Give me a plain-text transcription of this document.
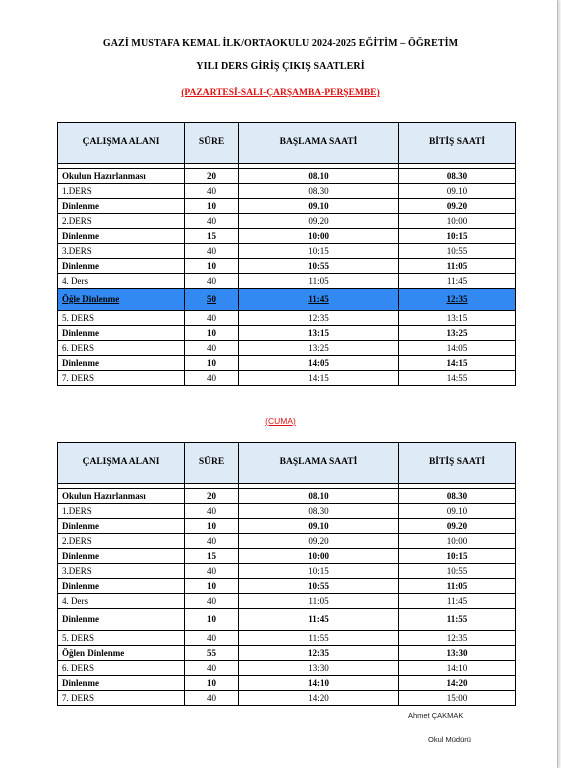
GAZİ MUSTAFA KEMAL İLK/ORTAOKULU 2024-2025 EĞİTİM – ÖĞRETİM
YILI DERS GİRİŞ ÇIKIŞ SAATLERİ
(PAZARTESİ-SALI-ÇARŞAMBA-PERŞEMBE)
ÇALIŞMA ALANI	SÜRE	BAŞLAMA SAATİ	BİTİŞ SAATİ

Okulun Hazırlanması	20	08.10	08.30
1.DERS	40	08.30	09.10
Dinlenme	10	09.10	09.20
2.DERS	40	09.20	10:00
Dinlenme	15	10:00	10:15
3.DERS	40	10:15	10:55
Dinlenme	10	10:55	11:05
4. Ders	40	11:05	11:45
Öğle Dinlenme	50	11:45	12:35
5. DERS	40	12:35	13:15
Dinlenme	10	13:15	13:25
6. DERS	40	13:25	14:05
Dinlenme	10	14:05	14:15
7. DERS	40	14:15	14:55
(CUMA)
ÇALIŞMA ALANI	SÜRE	BAŞLAMA SAATİ	BİTİŞ SAATİ

Okulun Hazırlanması	20	08.10	08.30
1.DERS	40	08.30	09.10
Dinlenme	10	09.10	09.20
2.DERS	40	09.20	10:00
Dinlenme	15	10:00	10:15
3.DERS	40	10:15	10:55
Dinlenme	10	10:55	11:05
4. Ders	40	11:05	11:45
Dinlenme	10	11:45	11:55
5. DERS	40	11:55	12:35
Öğlen Dinlenme	55	12:35	13:30
6. DERS	40	13:30	14:10
Dinlenme	10	14:10	14:20
7. DERS	40	14:20	15:00
Ahmet ÇAKMAK
Okul Müdürü
